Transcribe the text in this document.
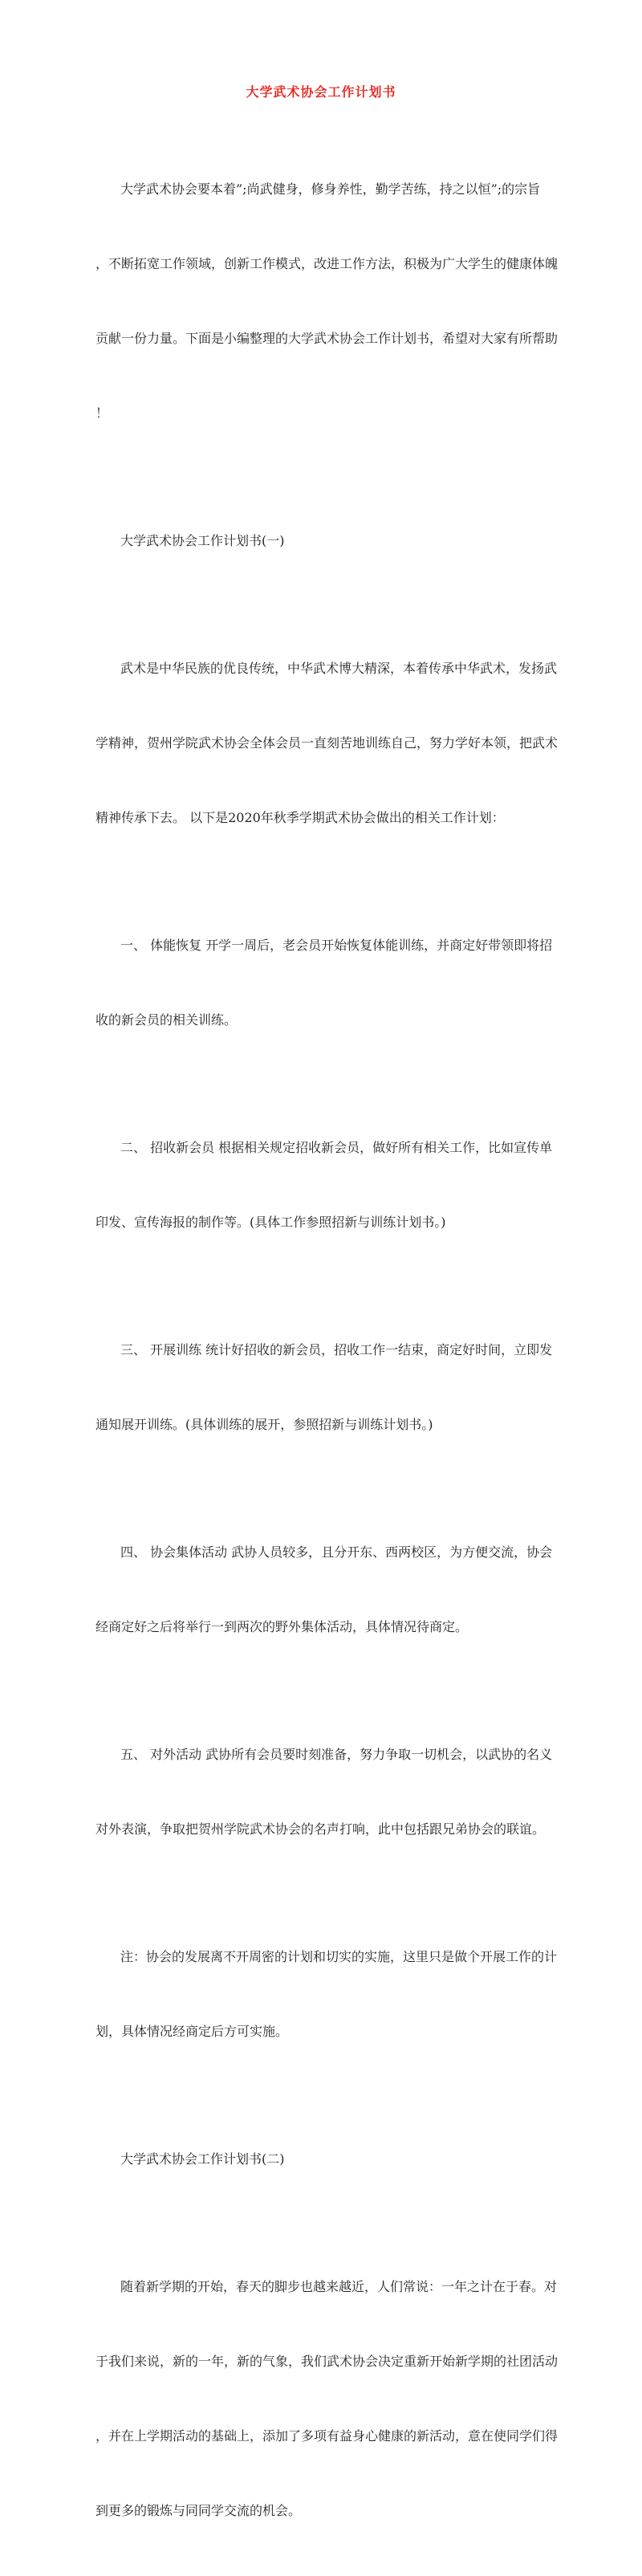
大学武术协会工作计划书

大学武术协会要本着”;尚武健身，修身养性，勤学苦练，持之以恒”;的宗旨

，不断拓宽工作领域，创新工作模式，改进工作方法，积极为广大学生的健康体魄

贡献一份力量。下面是小编整理的大学武术协会工作计划书，希望对大家有所帮助

！

大学武术协会工作计划书(一)

武术是中华民族的优良传统，中华武术博大精深，本着传承中华武术，发扬武

学精神，贺州学院武术协会全体会员一直刻苦地训练自己，努力学好本领，把武术

精神传承下去。 以下是2020年秋季学期武术协会做出的相关工作计划：

一、 体能恢复 开学一周后，老会员开始恢复体能训练，并商定好带领即将招

收的新会员的相关训练。

二、 招收新会员 根据相关规定招收新会员，做好所有相关工作，比如宣传单

印发、宣传海报的制作等。(具体工作参照招新与训练计划书。)

三、 开展训练 统计好招收的新会员，招收工作一结束，商定好时间，立即发

通知展开训练。(具体训练的展开，参照招新与训练计划书。)

四、 协会集体活动 武协人员较多，且分开东、西两校区，为方便交流，协会

经商定好之后将举行一到两次的野外集体活动，具体情况待商定。

五、 对外活动 武协所有会员要时刻准备，努力争取一切机会，以武协的名义

对外表演，争取把贺州学院武术协会的名声打响，此中包括跟兄弟协会的联谊。

注：协会的发展离不开周密的计划和切实的实施，这里只是做个开展工作的计

划，具体情况经商定后方可实施。

大学武术协会工作计划书(二)

随着新学期的开始，春天的脚步也越来越近，人们常说：一年之计在于春。对

于我们来说，新的一年，新的气象，我们武术协会决定重新开始新学期的社团活动

，并在上学期活动的基础上，添加了多项有益身心健康的新活动，意在使同学们得

到更多的锻炼与同同学交流的机会。
